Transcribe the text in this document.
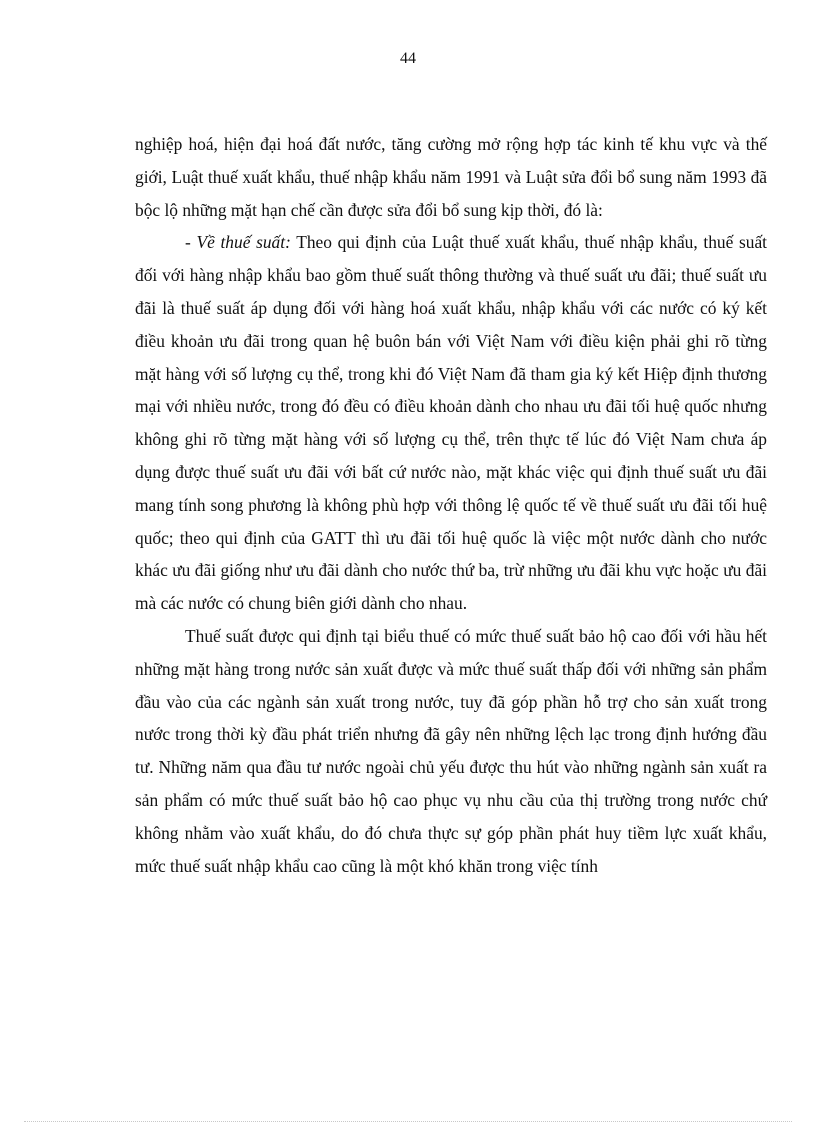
44

nghiệp hoá, hiện đại hoá đất nước, tăng cường mở rộng hợp tác kinh tế khu vực và thế giới, Luật thuế xuất khẩu, thuế nhập khẩu năm 1991 và Luật sửa đổi bổ sung năm 1993 đã bộc lộ những mặt hạn chế cần được sửa đổi bổ sung kịp thời, đó là:

- Về thuế suất: Theo qui định của Luật thuế xuất khẩu, thuế nhập khẩu, thuế suất đối với hàng nhập khẩu bao gồm thuế suất thông thường và thuế suất ưu đãi; thuế suất ưu đãi là thuế suất áp dụng đối với hàng hoá xuất khẩu, nhập khẩu với các nước có ký kết điều khoản ưu đãi trong quan hệ buôn bán với Việt Nam với điều kiện phải ghi rõ từng mặt hàng với số lượng cụ thể, trong khi đó Việt Nam đã tham gia ký kết Hiệp định thương mại với nhiều nước, trong đó đều có điều khoản dành cho nhau ưu đãi tối huệ quốc nhưng không ghi rõ từng mặt hàng với số lượng cụ thể, trên thực tế lúc đó Việt Nam chưa áp dụng được thuế suất ưu đãi với bất cứ nước nào, mặt khác việc qui định thuế suất ưu đãi mang tính song phương là không phù hợp với thông lệ quốc tế về thuế suất ưu đãi tối huệ quốc; theo qui định của GATT thì ưu đãi tối huệ quốc là việc một nước dành cho nước khác ưu đãi giống như ưu đãi dành cho nước thứ ba, trừ những ưu đãi khu vực hoặc ưu đãi mà các nước có chung biên giới dành cho nhau.

Thuế suất được qui định tại biểu thuế có mức thuế suất bảo hộ cao đối với hầu hết những mặt hàng trong nước sản xuất được và mức thuế suất thấp đối với những sản phẩm đầu vào của các ngành sản xuất trong nước, tuy đã góp phần hỗ trợ cho sản xuất trong nước trong thời kỳ đầu phát triển nhưng đã gây nên những lệch lạc trong định hướng đầu tư. Những năm qua đầu tư nước ngoài chủ yếu được thu hút vào những ngành sản xuất ra sản phẩm có mức thuế suất bảo hộ cao phục vụ nhu cầu của thị trường trong nước chứ không nhằm vào xuất khẩu, do đó chưa thực sự góp phần phát huy tiềm lực xuất khẩu, mức thuế suất nhập khẩu cao cũng là một khó khăn trong việc tính
